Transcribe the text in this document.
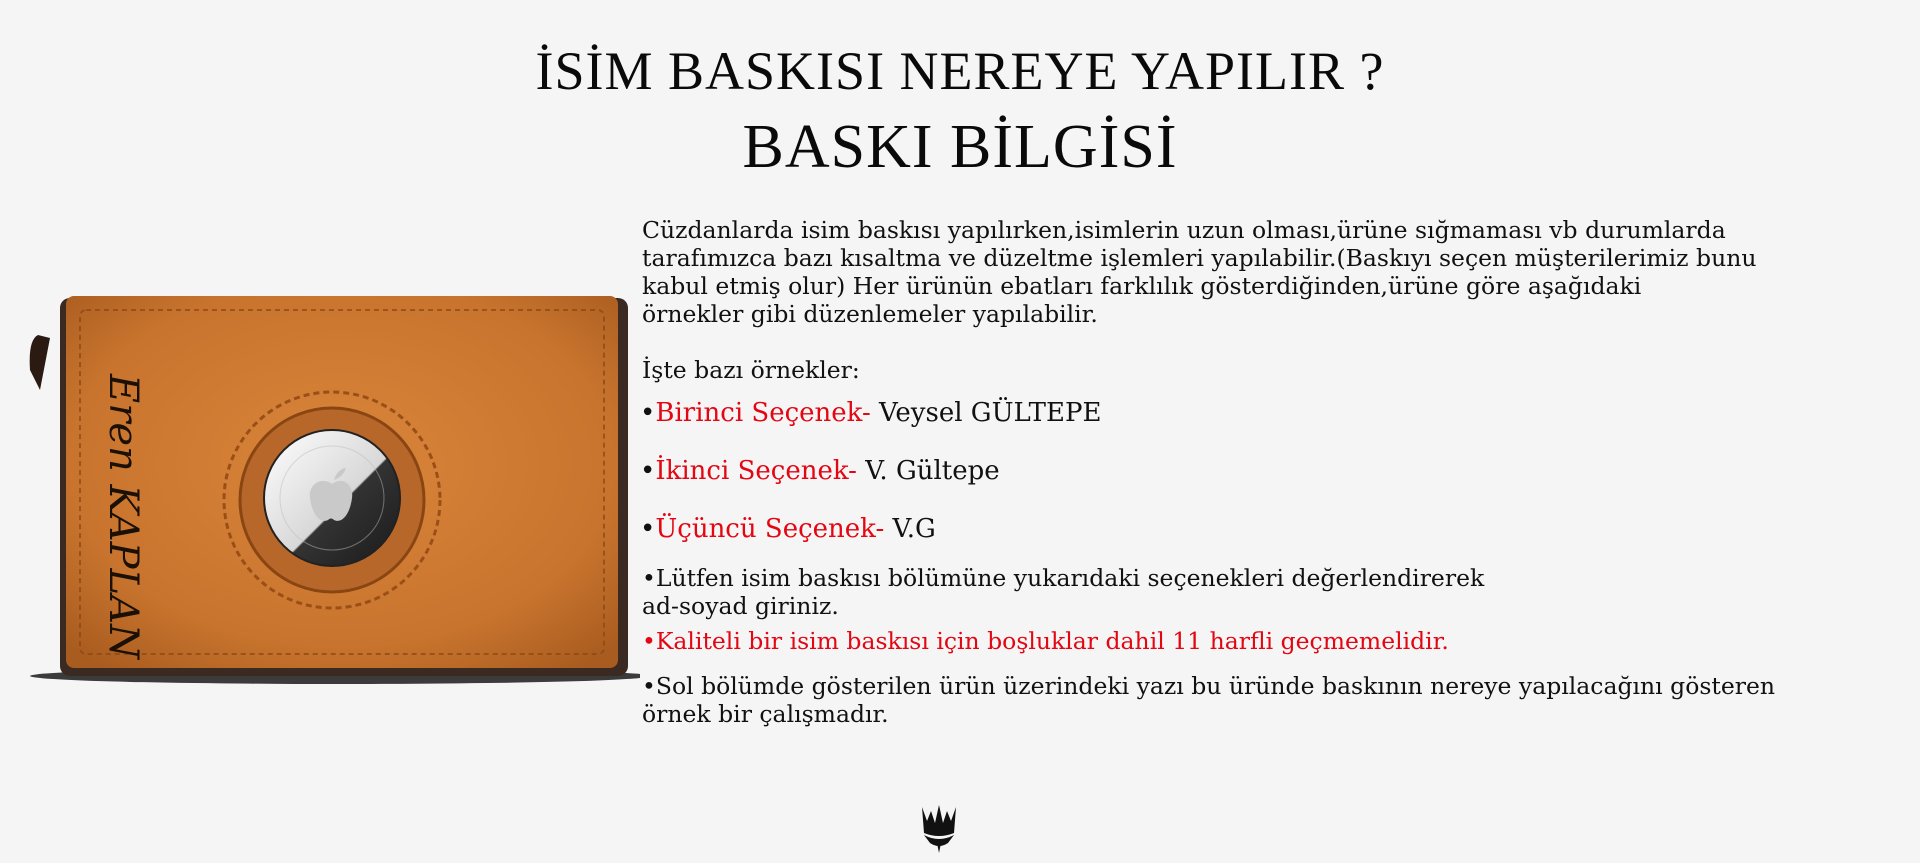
İSİM BASKISI NEREYE YAPILIR ?
BASKI BİLGİSİ
Eren KAPLAN

Cüzdanlarda isim baskısı yapılırken,isimlerin uzun olması,ürüne sığmaması vb durumlarda

tarafımızca bazı kısaltma ve düzeltme işlemleri yapılabilir.(Baskıyı seçen müşterilerimiz bunu

kabul etmiş olur) Her ürünün ebatları farklılık gösterdiğinden,ürüne göre aşağıdaki

örnekler gibi düzenlemeler yapılabilir.

İşte bazı örnekler:
•Birinci Seçenek- Veysel GÜLTEPE
•İkinci Seçenek- V. Gültepe
•Üçüncü Seçenek- V.G

•Lütfen isim baskısı bölümüne yukarıdaki seçenekleri değerlendirerek

ad-soyad giriniz.

•Kaliteli bir isim baskısı için boşluklar dahil 11 harfli geçmemelidir.

•Sol bölümde gösterilen ürün üzerindeki yazı bu üründe baskının nereye yapılacağını gösteren

örnek bir çalışmadır.
